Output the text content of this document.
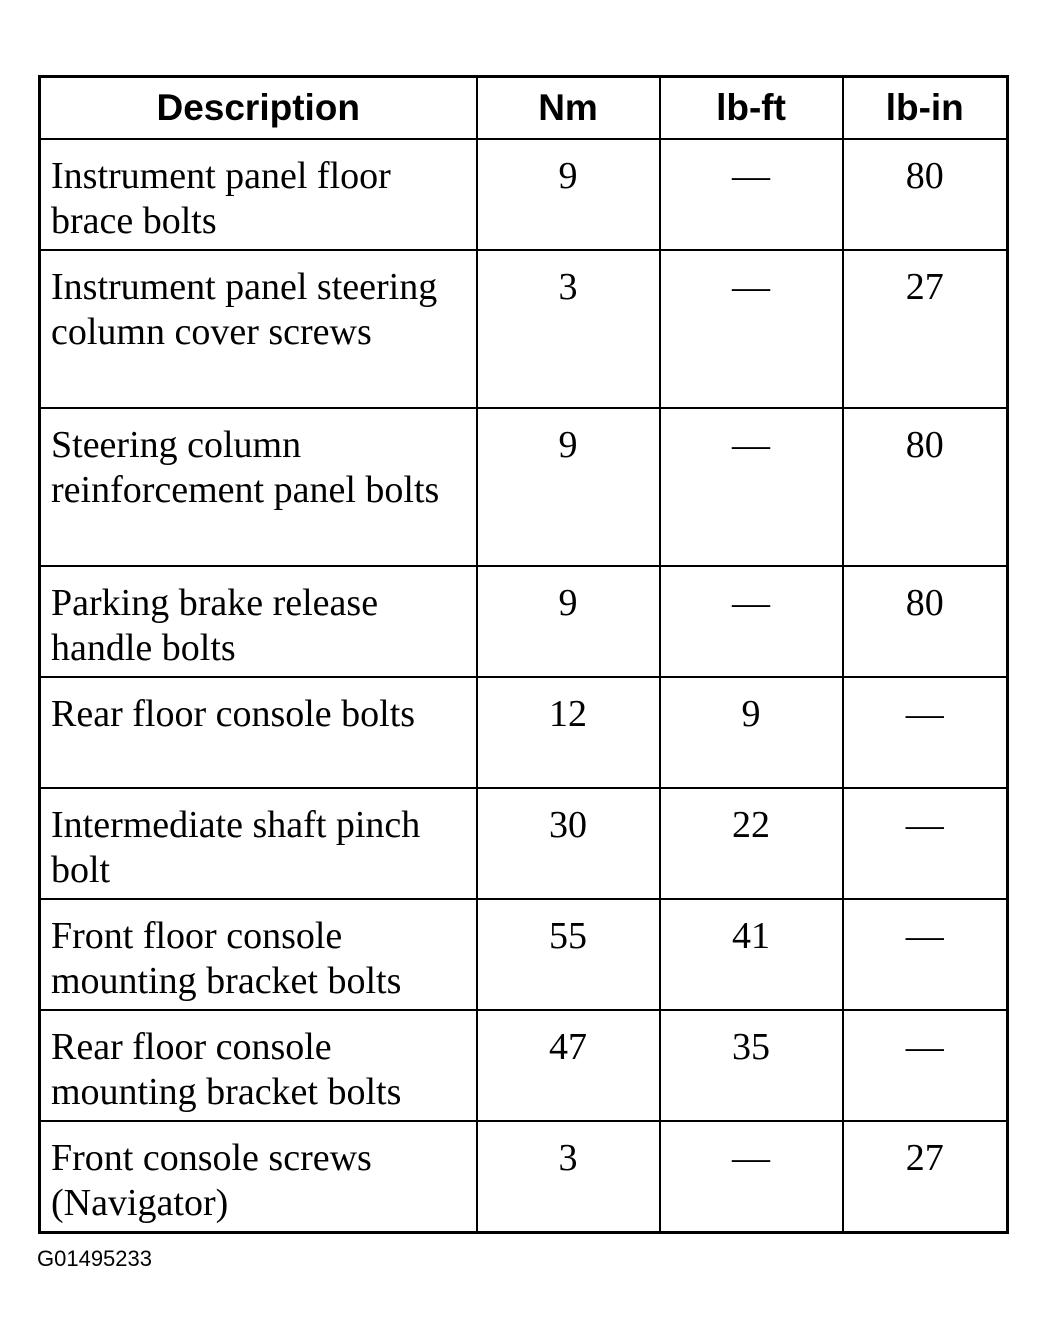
Description	Nm	lb-ft	lb-in
Instrument panel floor brace bolts	9	—	80
Instrument panel steering column cover screws	3	—	27
Steering column reinforcement panel bolts	9	—	80
Parking brake release handle bolts	9	—	80
Rear floor console bolts	12	9	—
Intermediate shaft pinch bolt	30	22	—
Front floor console mounting bracket bolts	55	41	—
Rear floor console mounting bracket bolts	47	35	—
Front console screws (Navigator)	3	—	27
G01495233
